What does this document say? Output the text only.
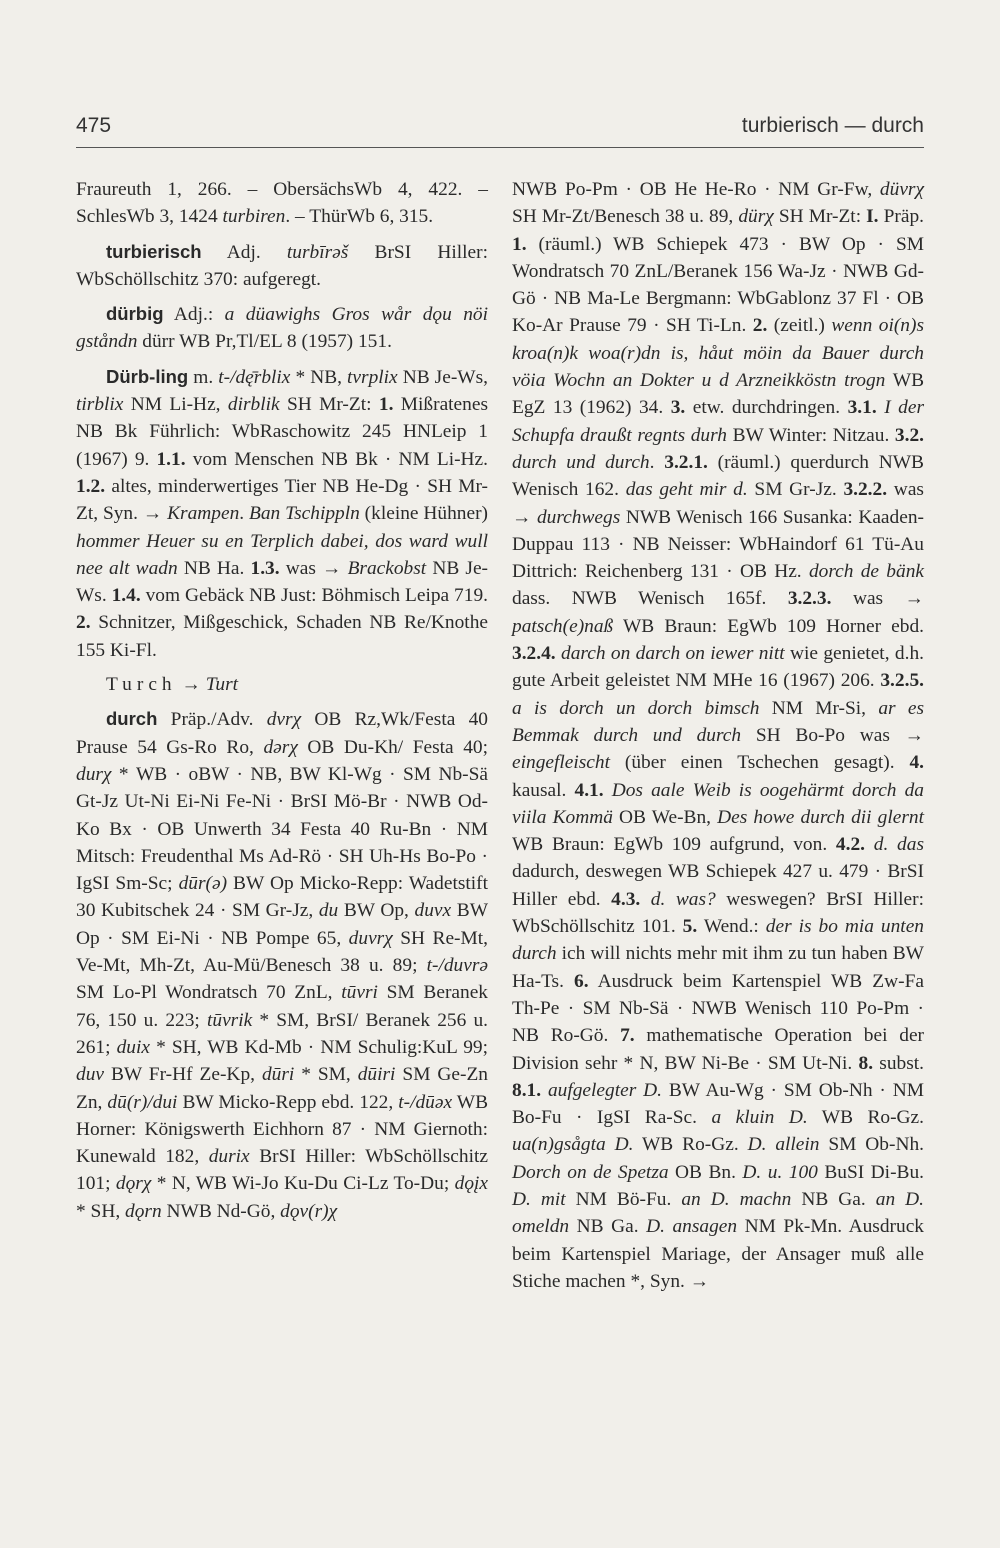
475	turbierisch — durch

Fraureuth 1, 266. – ObersächsWb 4, 422. – SchlesWb 3, 1424 turbiren. – ThürWb 6, 315.

turbierisch Adj. turbīrəš BrSI Hiller: WbSchöllschitz 370: aufgeregt.

dürbig Adj.: a düawighs Gros wår dǫu nöi gståndn dürr WB Pr,Tl/EL 8 (1957) 151.

Dürb-ling m. t-/dę̄rblix * NB, tvrplix NB Je-Ws, tirblix NM Li-Hz, dirblik SH Mr-Zt: 1. Mißratenes NB Bk Führlich: WbRaschowitz 245 HNLeip 1 (1967) 9. 1.1. vom Menschen NB Bk · NM Li-Hz. 1.2. altes, minderwertiges Tier NB He-Dg · SH Mr-Zt, Syn. → Krampen. Ban Tschippln (kleine Hühner) hommer Heuer su en Terplich dabei, dos ward wull nee alt wadn NB Ha. 1.3. was → Brackobst NB Je-Ws. 1.4. vom Gebäck NB Just: Böhmisch Leipa 719. 2. Schnitzer, Mißgeschick, Schaden NB Re/Knothe 155 Ki-Fl.

Turch → Turt

durch Präp./Adv. dvrχ OB Rz,Wk/Festa 40 Prause 54 Gs-Ro Ro, dərχ OB Du-Kh/ Festa 40; durχ * WB · oBW · NB, BW Kl-Wg · SM Nb-Sä Gt-Jz Ut-Ni Ei-Ni Fe-Ni · BrSI Mö-Br · NWB Od-Ko Bx · OB Unwerth 34 Festa 40 Ru-Bn · NM Mitsch: Freudenthal Ms Ad-Rö · SH Uh-Hs Bo-Po · IgSI Sm-Sc; dūr(ə) BW Op Micko-Repp: Wadetstift 30 Kubitschek 24 · SM Gr-Jz, du BW Op, duvx BW Op · SM Ei-Ni · NB Pompe 65, duvrχ SH Re-Mt, Ve-Mt, Mh-Zt, Au-Mü/Benesch 38 u. 89; t-/duvrə SM Lo-Pl Wondratsch 70 ZnL, tūvri SM Beranek 76, 150 u. 223; tūvrik * SM, BrSI/ Beranek 256 u. 261; duix * SH, WB Kd-Mb · NM Schulig:KuL 99; duv BW Fr-Hf Ze-Kp, dūri * SM, dūiri SM Ge-Zn Zn, dū(r)/dui BW Micko-Repp ebd. 122, t-/dūəx WB Horner: Königswerth Eichhorn 87 · NM Giernoth: Kunewald 182, durix BrSI Hiller: WbSchöllschitz 101; dǫrχ * N, WB Wi-Jo Ku-Du Ci-Lz To-Du; dǫįx * SH, dǫrn NWB Nd-Gö, dǫv(r)χ

NWB Po-Pm · OB He He-Ro · NM Gr-Fw, düvrχ SH Mr-Zt/Benesch 38 u. 89, dürχ SH Mr-Zt: I. Präp. 1. (räuml.) WB Schiepek 473 · BW Op · SM Wondratsch 70 ZnL/Beranek 156 Wa-Jz · NWB Gd-Gö · NB Ma-Le Bergmann: WbGablonz 37 Fl · OB Ko-Ar Prause 79 · SH Ti-Ln. 2. (zeitl.) wenn oi(n)s kroa(n)k woa(r)dn is, håut möin da Bauer durch vöia Wochn an Dokter u d Arzneikköstn trogn WB EgZ 13 (1962) 34. 3. etw. durchdringen. 3.1. I der Schupfa draußt regnts durh BW Winter: Nitzau. 3.2. durch und durch. 3.2.1. (räuml.) querdurch NWB Wenisch 162. das geht mir d. SM Gr-Jz. 3.2.2. was → durchwegs NWB Wenisch 166 Susanka: Kaaden-Duppau 113 · NB Neisser: WbHaindorf 61 Tü-Au Dittrich: Reichenberg 131 · OB Hz. dorch de bänk dass. NWB Wenisch 165f. 3.2.3. was → patsch(e)naß WB Braun: EgWb 109 Horner ebd. 3.2.4. darch on darch on iewer nitt wie genietet, d.h. gute Arbeit geleistet NM MHe 16 (1967) 206. 3.2.5. a is dorch un dorch bimsch NM Mr-Si, ar es Bemmak durch und durch SH Bo-Po was → eingefleischt (über einen Tschechen gesagt). 4. kausal. 4.1. Dos aale Weib is oogehärmt dorch da viila Kommä OB We-Bn, Des howe durch dii glernt WB Braun: EgWb 109 aufgrund, von. 4.2. d. das dadurch, deswegen WB Schiepek 427 u. 479 · BrSI Hiller ebd. 4.3. d. was? weswegen? BrSI Hiller: WbSchöllschitz 101. 5. Wend.: der is bo mia unten durch ich will nichts mehr mit ihm zu tun haben BW Ha-Ts. 6. Ausdruck beim Kartenspiel WB Zw-Fa Th-Pe · SM Nb-Sä · NWB Wenisch 110 Po-Pm · NB Ro-Gö. 7. mathematische Operation bei der Division sehr * N, BW Ni-Be · SM Ut-Ni. 8. subst. 8.1. aufgelegter D. BW Au-Wg · SM Ob-Nh · NM Bo-Fu · IgSI Ra-Sc. a kluin D. WB Ro-Gz. ua(n)gsågta D. WB Ro-Gz. D. allein SM Ob-Nh. Dorch on de Spetza OB Bn. D. u. 100 BuSI Di-Bu. D. mit NM Bö-Fu. an D. machn NB Ga. an D. omeldn NB Ga. D. ansagen NM Pk-Mn. Ausdruck beim Kartenspiel Mariage, der Ansager muß alle Stiche machen *, Syn. →
